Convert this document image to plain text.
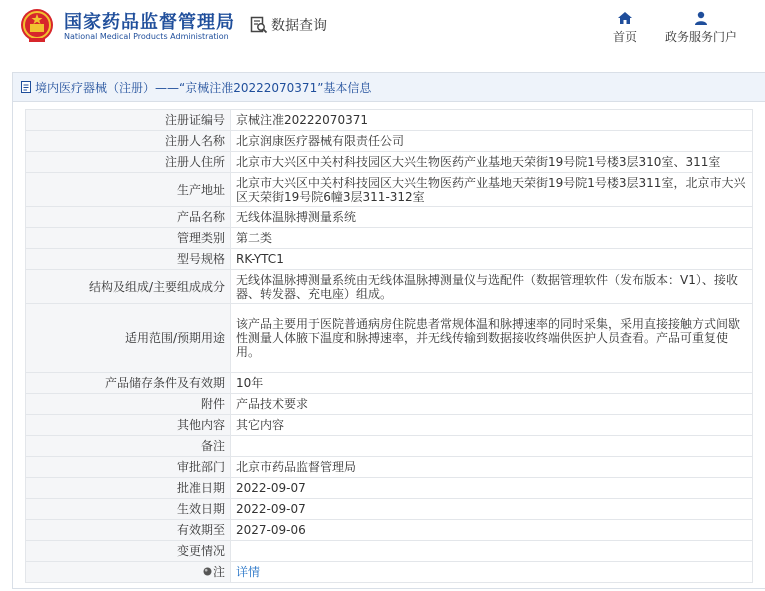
国家药品监督管理局
National Medical Products Administration
数据查询
首页 政务服务门户
境内医疗器械（注册）——“京械注准20222070371”基本信息
注册证编号	京械注准20222070371
注册人名称	北京润康医疗器械有限责任公司
注册人住所	北京市大兴区中关村科技园区大兴生物医药产业基地天荣街19号院1号楼3层310室、311室
生产地址	北京市大兴区中关村科技园区大兴生物医药产业基地天荣街19号院1号楼3层311室，北京市大兴区天荣街19号院6幢3层311-312室
产品名称	无线体温脉搏测量系统
管理类别	第二类
型号规格	RK-YTC1
结构及组成/主要组成成分	无线体温脉搏测量系统由无线体温脉搏测量仪与选配件（数据管理软件（发布版本：V1）、接收器、转发器、充电座）组成。
适用范围/预期用途	该产品主要用于医院普通病房住院患者常规体温和脉搏速率的同时采集，采用直接接触方式间歇性测量人体腋下温度和脉搏速率，并无线传输到数据接收终端供医护人员查看。产品可重复使用。
产品储存条件及有效期	10年
附件	产品技术要求
其他内容	其它内容
备注	
审批部门	北京市药品监督管理局
批准日期	2022-09-07
生效日期	2022-09-07
有效期至	2027-09-06
变更情况	

注	详情
